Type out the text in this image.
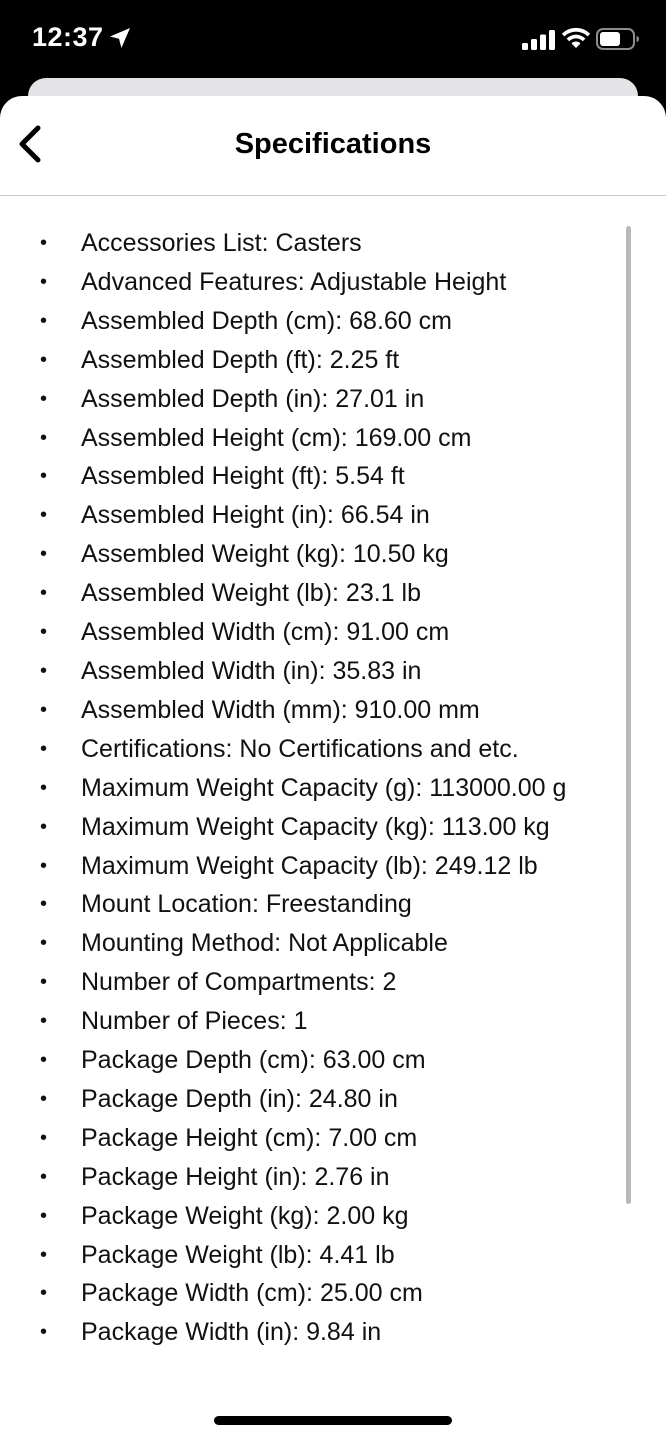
12:37
Specifications
• Accessories List: Casters
• Advanced Features: Adjustable Height
• Assembled Depth (cm): 68.60 cm
• Assembled Depth (ft): 2.25 ft
• Assembled Depth (in): 27.01 in
• Assembled Height (cm): 169.00 cm
• Assembled Height (ft): 5.54 ft
• Assembled Height (in): 66.54 in
• Assembled Weight (kg): 10.50 kg
• Assembled Weight (lb): 23.1 lb
• Assembled Width (cm): 91.00 cm
• Assembled Width (in): 35.83 in
• Assembled Width (mm): 910.00 mm
• Certifications: No Certifications and etc.
• Maximum Weight Capacity (g): 113000.00 g
• Maximum Weight Capacity (kg): 113.00 kg
• Maximum Weight Capacity (lb): 249.12 lb
• Mount Location: Freestanding
• Mounting Method: Not Applicable
• Number of Compartments: 2
• Number of Pieces: 1
• Package Depth (cm): 63.00 cm
• Package Depth (in): 24.80 in
• Package Height (cm): 7.00 cm
• Package Height (in): 2.76 in
• Package Weight (kg): 2.00 kg
• Package Weight (lb): 4.41 lb
• Package Width (cm): 25.00 cm
• Package Width (in): 9.84 in
